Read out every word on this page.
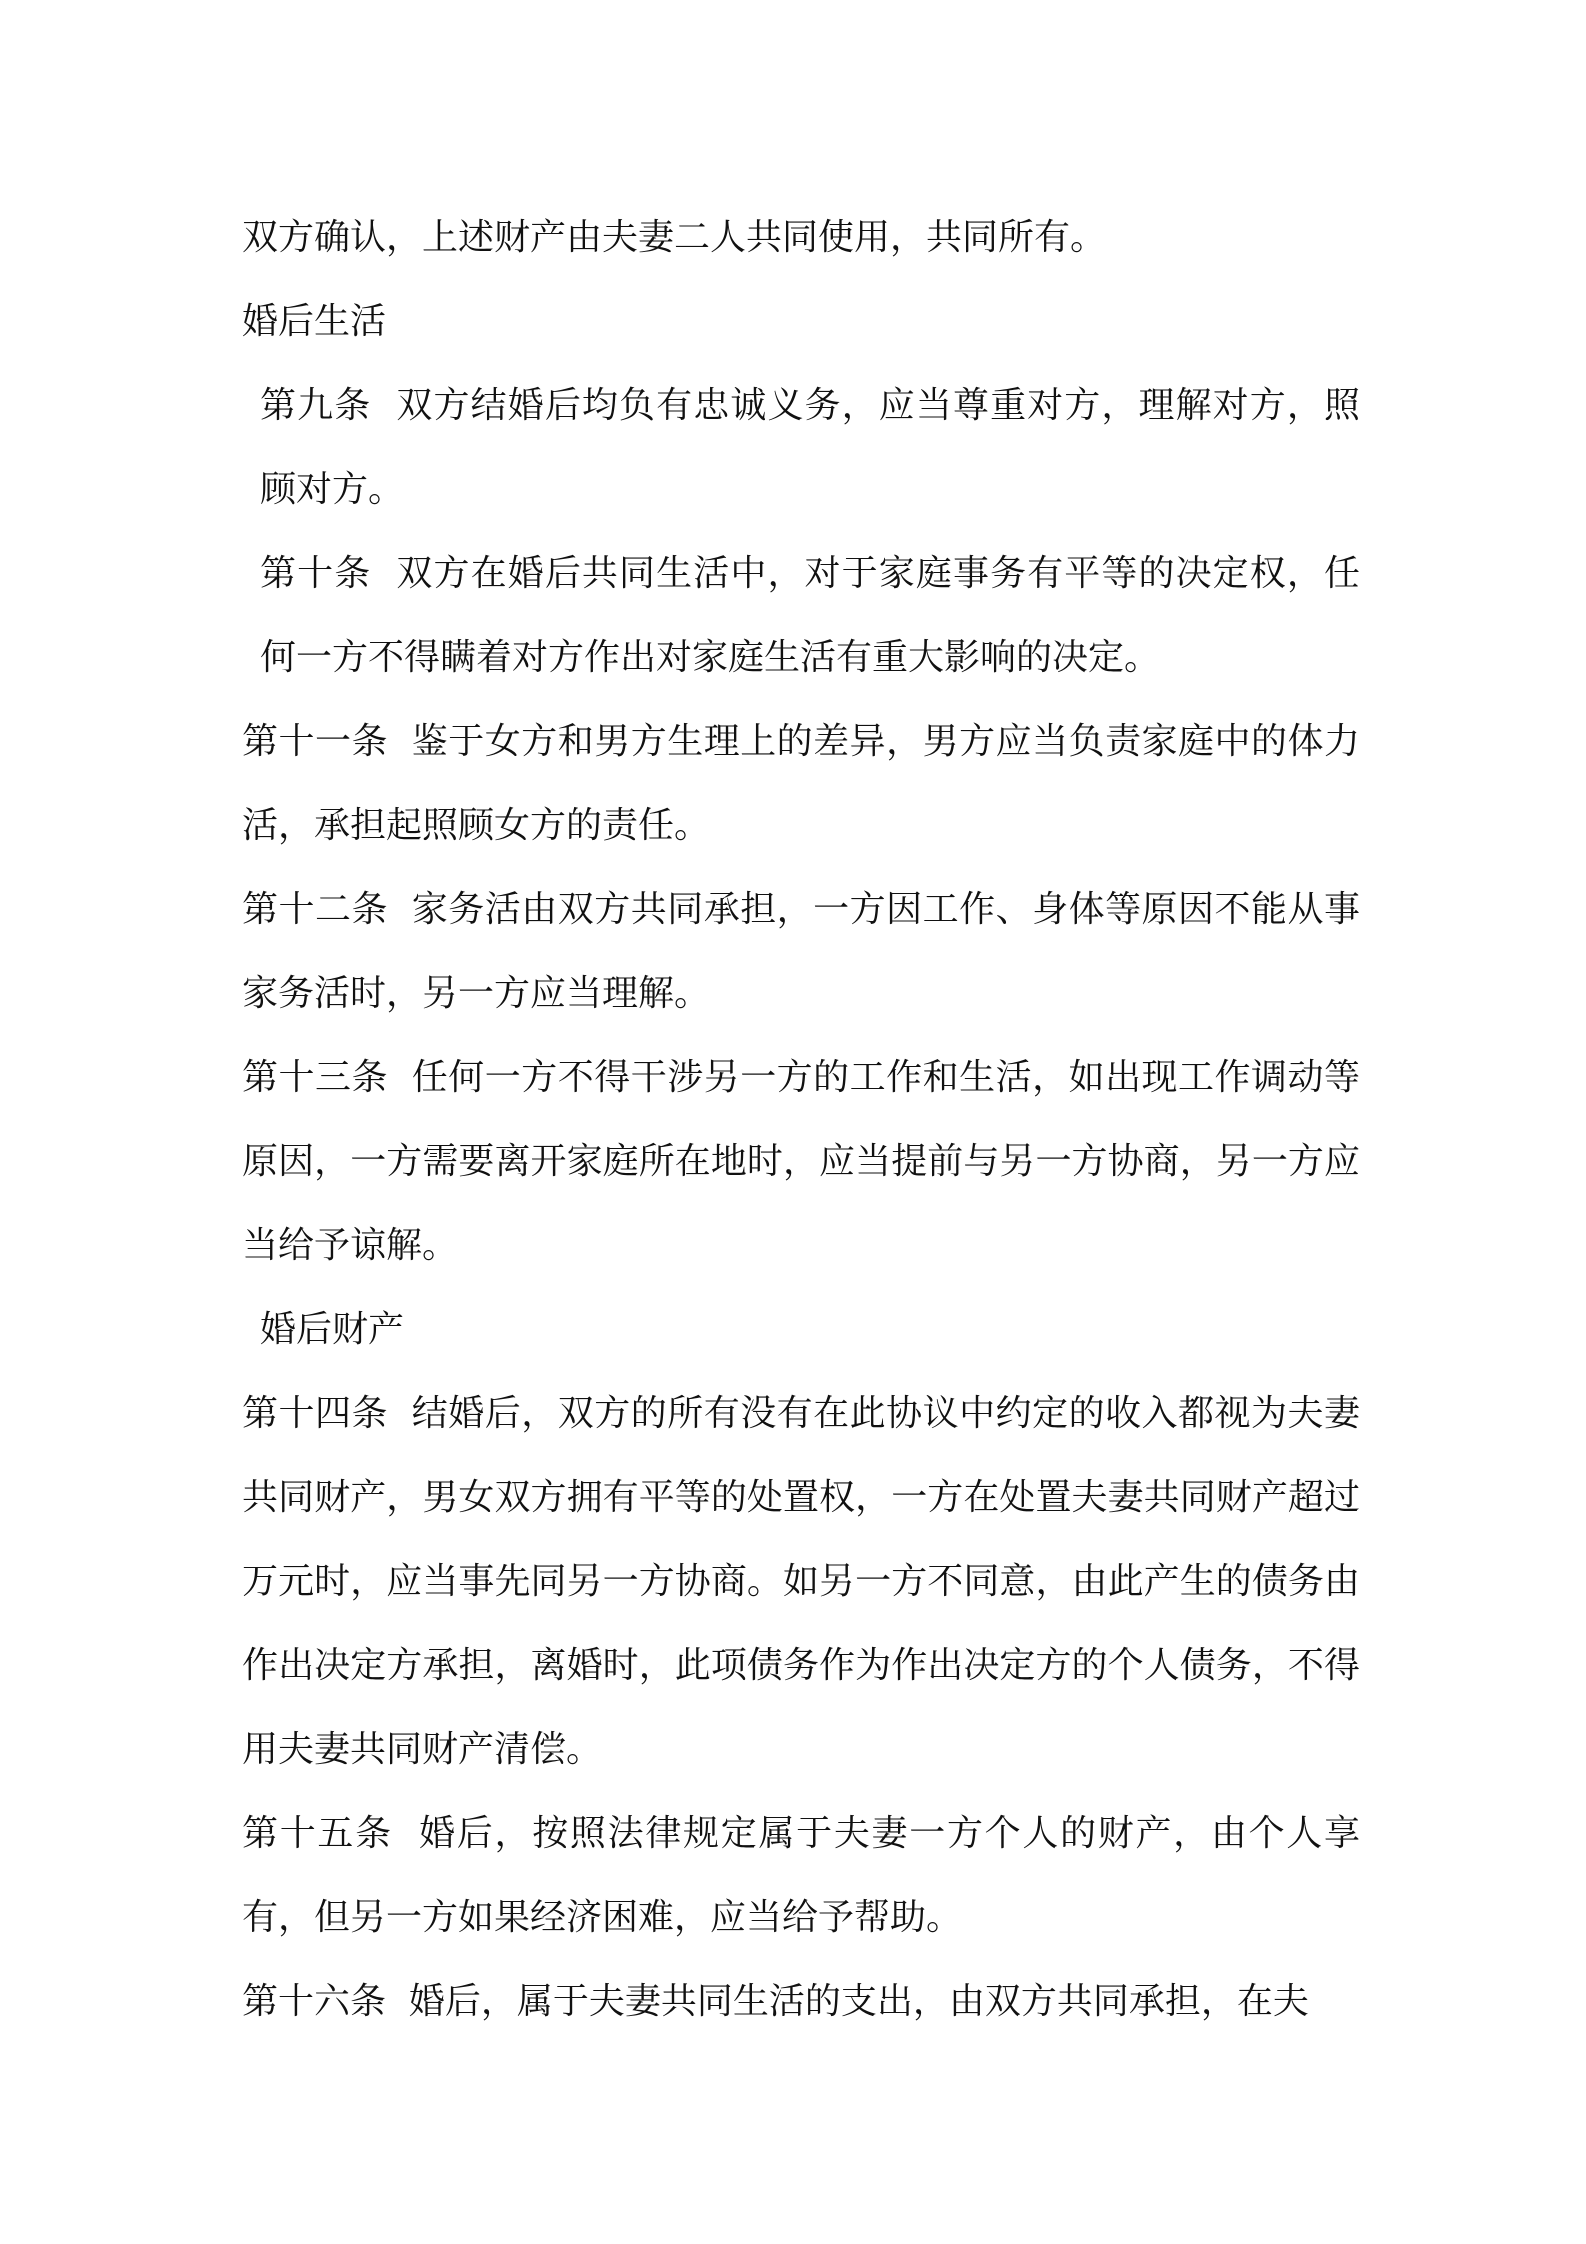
双方确认，上述财产由夫妻二人共同使用，共同所有。

婚后生活

第九条  双方结婚后均负有忠诚义务，应当尊重对方，理解对方，照顾对方。

第十条  双方在婚后共同生活中，对于家庭事务有平等的决定权，任何一方不得瞒着对方作出对家庭生活有重大影响的决定。

第十一条  鉴于女方和男方生理上的差异，男方应当负责家庭中的体力活，承担起照顾女方的责任。

第十二条  家务活由双方共同承担，一方因工作、身体等原因不能从事家务活时，另一方应当理解。

第十三条  任何一方不得干涉另一方的工作和生活，如出现工作调动等原因，一方需要离开家庭所在地时，应当提前与另一方协商，另一方应当给予谅解。

婚后财产

第十四条  结婚后，双方的所有没有在此协议中约定的收入都视为夫妻共同财产，男女双方拥有平等的处置权，一方在处置夫妻共同财产超过 万元时，应当事先同另一方协商。如另一方不同意，由此产生的债务由作出决定方承担，离婚时，此项债务作为作出决定方的个人债务，不得用夫妻共同财产清偿。

第十五条  婚后，按照法律规定属于夫妻一方个人的财产，由个人享有，但另一方如果经济困难，应当给予帮助。

第十六条  婚后，属于夫妻共同生活的支出，由双方共同承担，在夫
